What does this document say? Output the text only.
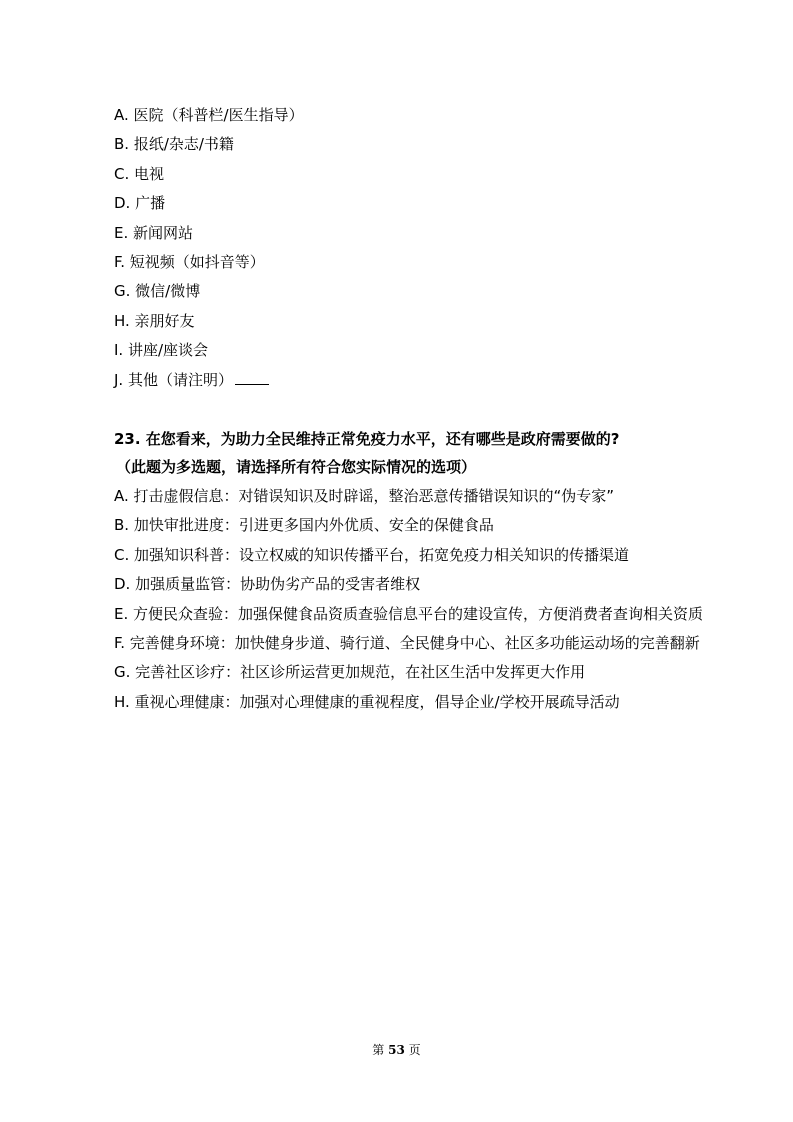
A. 医院（科普栏/医生指导）
B. 报纸/杂志/书籍
C. 电视
D. 广播
E. 新闻网站
F. 短视频（如抖音等）
G. 微信/微博
H. 亲朋好友
I. 讲座/座谈会
J. 其他（请注明）
23. 在您看来，为助力全民维持正常免疫力水平，还有哪些是政府需要做的?
（此题为多选题，请选择所有符合您实际情况的选项）
A. 打击虚假信息：对错误知识及时辟谣，整治恶意传播错误知识的“伪专家”
B. 加快审批进度：引进更多国内外优质、安全的保健食品
C. 加强知识科普：设立权威的知识传播平台，拓宽免疫力相关知识的传播渠道
D. 加强质量监管：协助伪劣产品的受害者维权
E. 方便民众查验：加强保健食品资质查验信息平台的建设宣传，方便消费者查询相关资质
F. 完善健身环境：加快健身步道、骑行道、全民健身中心、社区多功能运动场的完善翻新
G. 完善社区诊疗：社区诊所运营更加规范，在社区生活中发挥更大作用
H. 重视心理健康：加强对心理健康的重视程度，倡导企业/学校开展疏导活动
第 53 页
